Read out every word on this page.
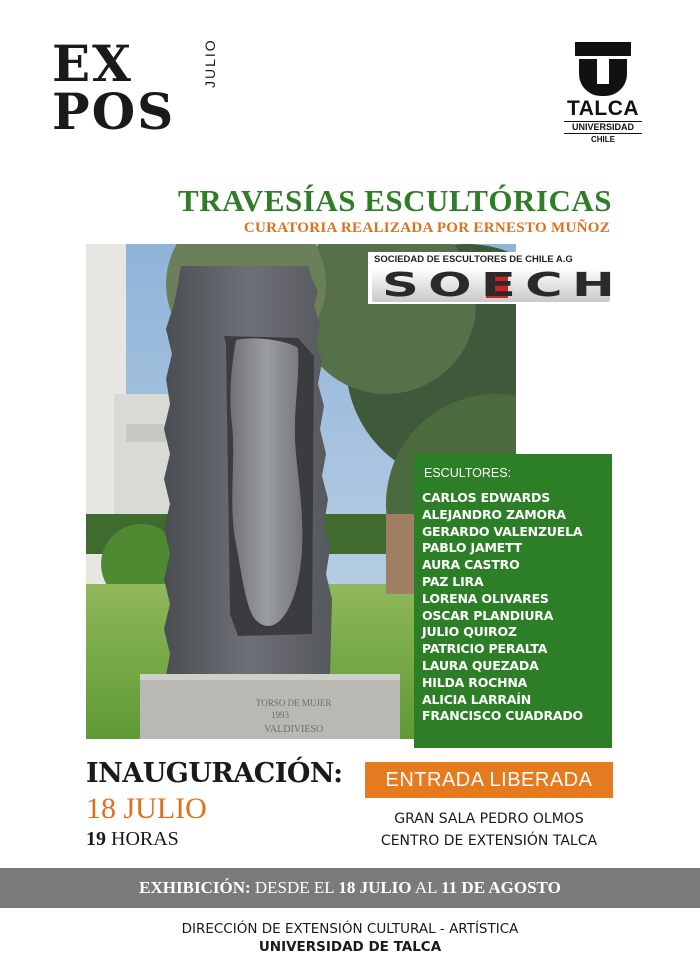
EX
POS
JULIO
TALCA
UNIVERSIDAD
CHILE
TRAVESÍAS ESCULTÓRICAS
CURATORIA REALIZADA POR ERNESTO MUÑOZ
TORSO DE MUJER
1993
VALDIVIESO
SOCIEDAD DE ESCULTORES DE CHILE A.G
SOECH
ESCULTORES:
CARLOS EDWARDS
ALEJANDRO ZAMORA
GERARDO VALENZUELA
PABLO JAMETT
AURA CASTRO
PAZ LIRA
LORENA OLIVARES
OSCAR PLANDIURA
JULIO QUIROZ
PATRICIO PERALTA
LAURA QUEZADA
HILDA ROCHNA
ALICIA LARRAÍN
FRANCISCO CUADRADO
INAUGURACIÓN:
18 JULIO
19 HORAS
ENTRADA LIBERADA
GRAN SALA PEDRO OLMOS
CENTRO DE EXTENSIÓN TALCA
EXHIBICIÓN: DESDE EL 18 JULIO AL 11 DE AGOSTO
DIRECCIÓN DE EXTENSIÓN CULTURAL - ARTÍSTICA
UNIVERSIDAD DE TALCA
